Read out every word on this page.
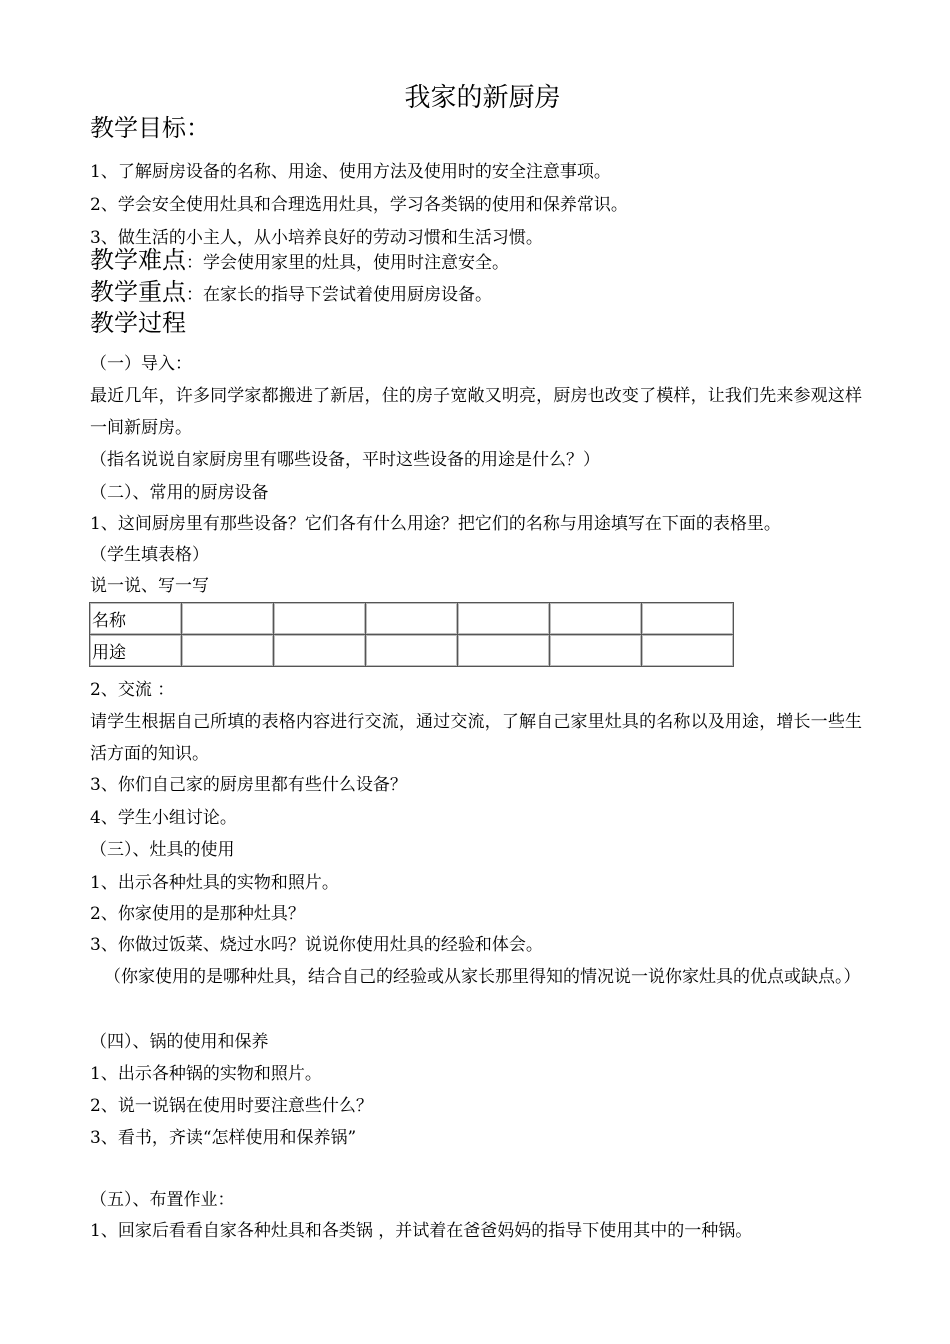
我家的新厨房
教学目标：
1、了解厨房设备的名称、用途、使用方法及使用时的安全注意事项。
2、学会安全使用灶具和合理选用灶具，学习各类锅的使用和保养常识。
3、做生活的小主人，从小培养良好的劳动习惯和生活习惯。
教学难点：学会使用家里的灶具，使用时注意安全。
教学重点：在家长的指导下尝试着使用厨房设备。
教学过程
（一）导入：
最近几年，许多同学家都搬进了新居，住的房子宽敞又明亮，厨房也改变了模样，让我们先来参观这样一间新厨房。
（指名说说自家厨房里有哪些设备，平时这些设备的用途是什么？）
（二）、常用的厨房设备
1、这间厨房里有那些设备？它们各有什么用途？把它们的名称与用途填写在下面的表格里。
（学生填表格）
说一说、写一写
名称						
用途						
2、交流 ：
请学生根据自己所填的表格内容进行交流，通过交流，了解自己家里灶具的名称以及用途，增长一些生活方面的知识。
3、你们自己家的厨房里都有些什么设备？
4、学生小组讨论。
（三）、灶具的使用
1、出示各种灶具的实物和照片。
2、你家使用的是那种灶具？
3、你做过饭菜、烧过水吗？说说你使用灶具的经验和体会。
（你家使用的是哪种灶具，结合自己的经验或从家长那里得知的情况说一说你家灶具的优点或缺点。）
（四）、锅的使用和保养
1、出示各种锅的实物和照片。
2、说一说锅在使用时要注意些什么？
3、看书，齐读“怎样使用和保养锅”
（五）、布置作业：
1、回家后看看自家各种灶具和各类锅 ，并试着在爸爸妈妈的指导下使用其中的一种锅。
